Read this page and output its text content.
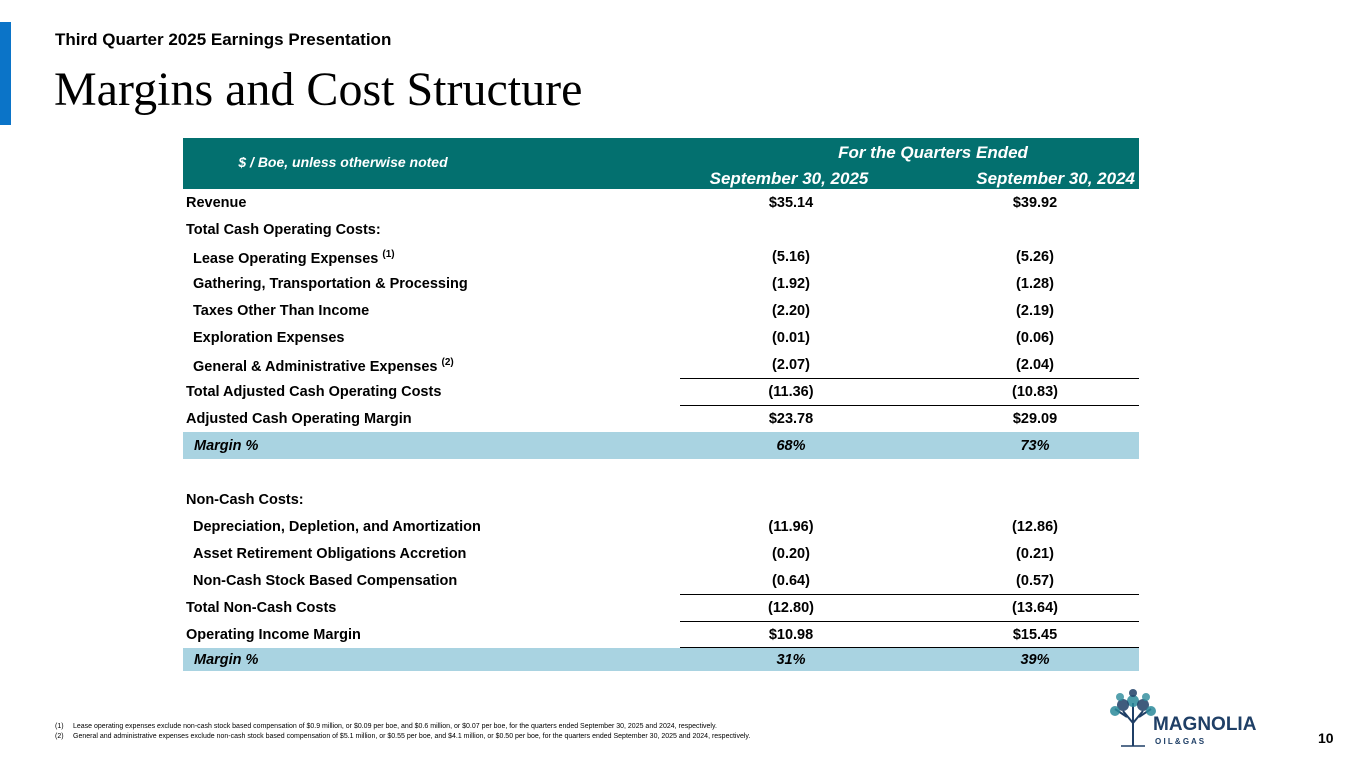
Third Quarter 2025 Earnings Presentation
Margins and Cost Structure
$ / Boe, unless otherwise noted	For the Quarters Ended
September 30, 2025	September 30, 2024
Revenue	$35.14	$39.92
Total Cash Operating Costs:
Lease Operating Expenses $^{(1)}$	(5.16)	(5.26)
Gathering, Transportation & Processing	(1.92)	(1.28)
Taxes Other Than Income	(2.20)	(2.19)
Exploration Expenses	(0.01)	(0.06)
General & Administrative Expenses $^{(2)}$	(2.07)	(2.04)
Total Adjusted Cash Operating Costs	(11.36)	(10.83)
Adjusted Cash Operating Margin	$23.78	$29.09
Margin %	68%	73%
Non-Cash Costs:
Depreciation, Depletion, and Amortization	(11.96)	(12.86)
Asset Retirement Obligations Accretion	(0.20)	(0.21)
Non-Cash Stock Based Compensation	(0.64)	(0.57)
Total Non-Cash Costs	(12.80)	(13.64)
Operating Income Margin	$10.98	$15.45
Margin %	31%	39%
(1) Lease operating expenses exclude non-cash stock based compensation of $0.9 million, or $0.09 per boe, and $0.6 million, or $0.07 per boe, for the quarters ended September 30, 2025 and 2024, respectively.
(2) General and administrative expenses exclude non-cash stock based compensation of $5.1 million, or $0.55 per boe, and $4.1 million, or $0.50 per boe, for the quarters ended September 30, 2025 and 2024, respectively.
MAGNOLIA
O I L & G A S	10
